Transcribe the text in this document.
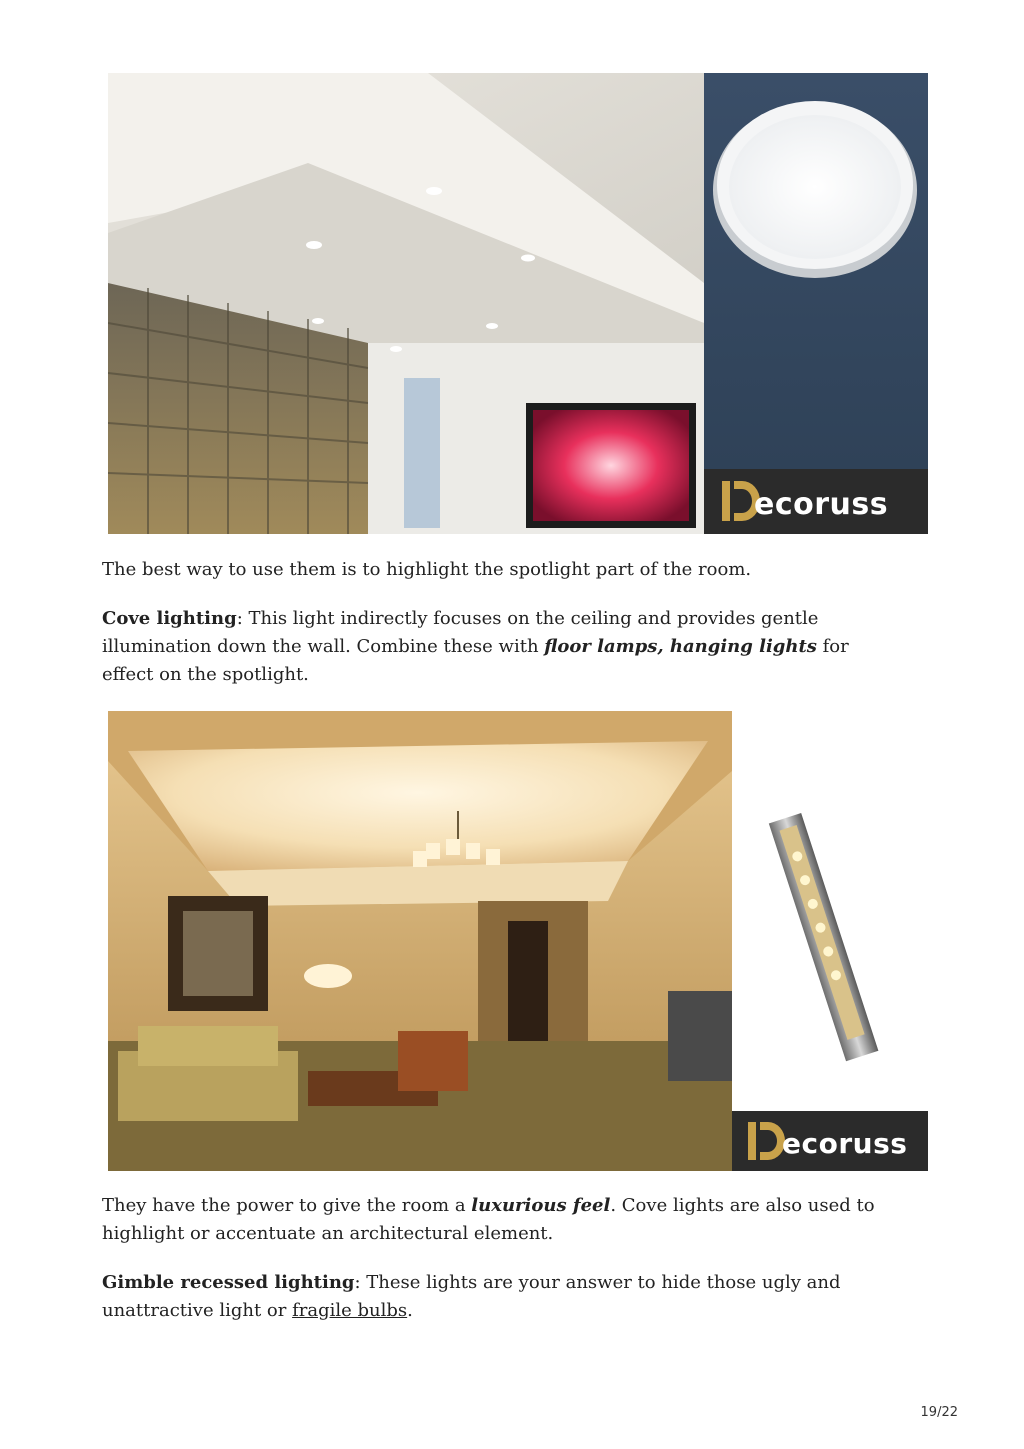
ecoruss

The best way to use them is to highlight the spotlight part of the room.

Cove lighting: This light indirectly focuses on the ceiling and provides gentle illumination down the wall. Combine these with floor lamps, hanging lights for effect on the spotlight.

ecoruss

They have the power to give the room a luxurious feel. Cove lights are also used to highlight or accentuate an architectural element.

Gimble recessed lighting: These lights are your answer to hide those ugly and unattractive light or fragile bulbs.

19/22
